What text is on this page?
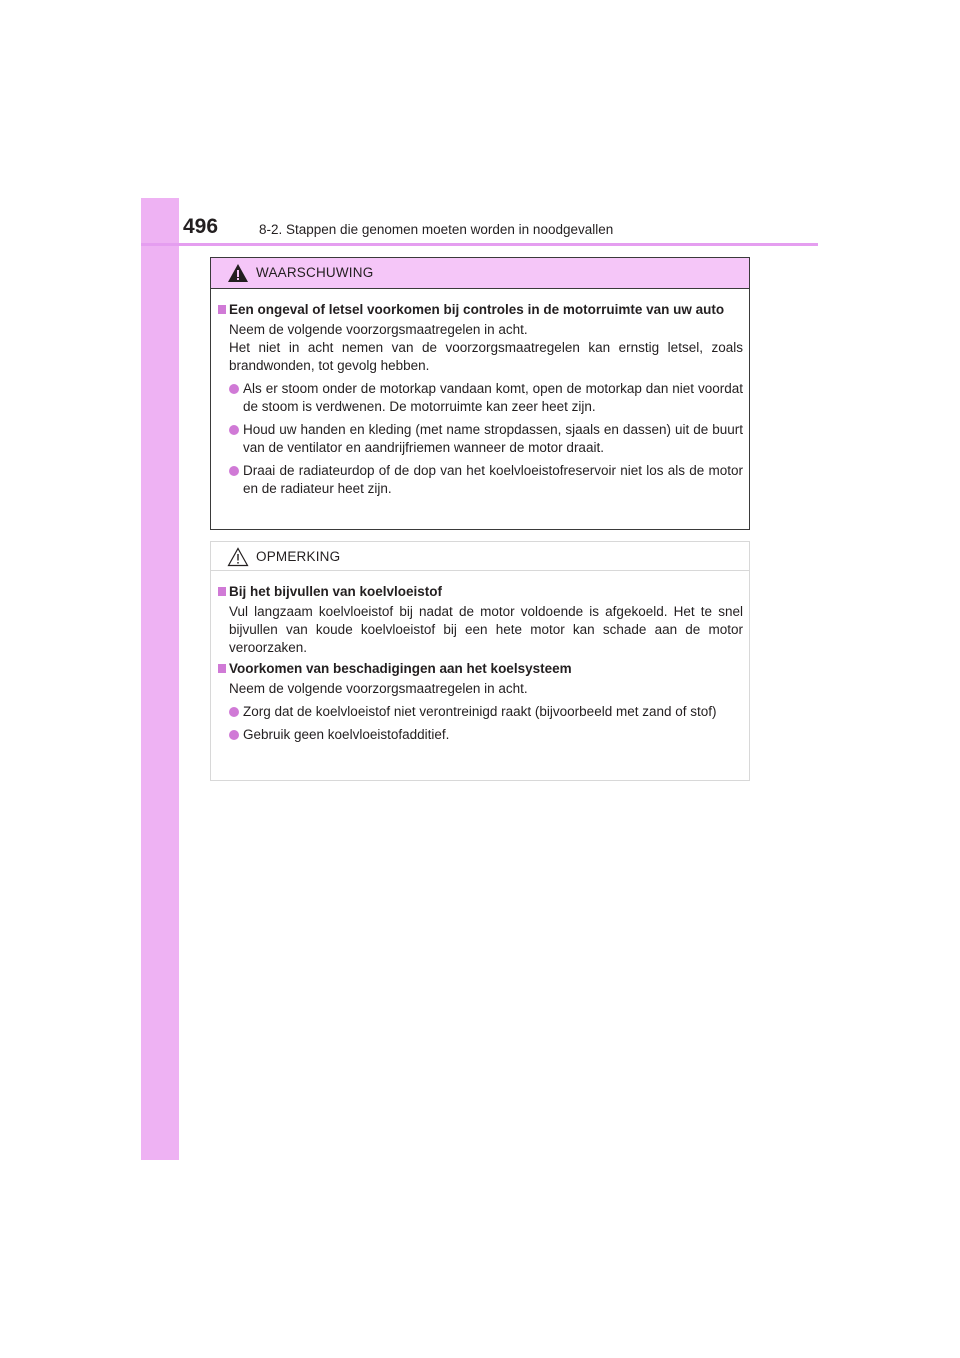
496	8-2. Stappen die genomen moeten worden in noodgevallen
WAARSCHUWING
Een ongeval of letsel voorkomen bij controles in de motorruimte van uw auto
Neem de volgende voorzorgsmaatregelen in acht.
Het niet in acht nemen van de voorzorgsmaatregelen kan ernstig letsel, zoals brandwonden, tot gevolg hebben.
Als er stoom onder de motorkap vandaan komt, open de motorkap dan niet voordat de stoom is verdwenen. De motorruimte kan zeer heet zijn.
Houd uw handen en kleding (met name stropdassen, sjaals en dassen) uit de buurt van de ventilator en aandrijfriemen wanneer de motor draait.
Draai de radiateurdop of de dop van het koelvloeistofreservoir niet los als de motor en de radiateur heet zijn.
OPMERKING
Bij het bijvullen van koelvloeistof
Vul langzaam koelvloeistof bij nadat de motor voldoende is afgekoeld. Het te snel bijvullen van koude koelvloeistof bij een hete motor kan schade aan de motor veroorzaken.
Voorkomen van beschadigingen aan het koelsysteem
Neem de volgende voorzorgsmaatregelen in acht.
Zorg dat de koelvloeistof niet verontreinigd raakt (bijvoorbeeld met zand of stof)
Gebruik geen koelvloeistofadditief.
